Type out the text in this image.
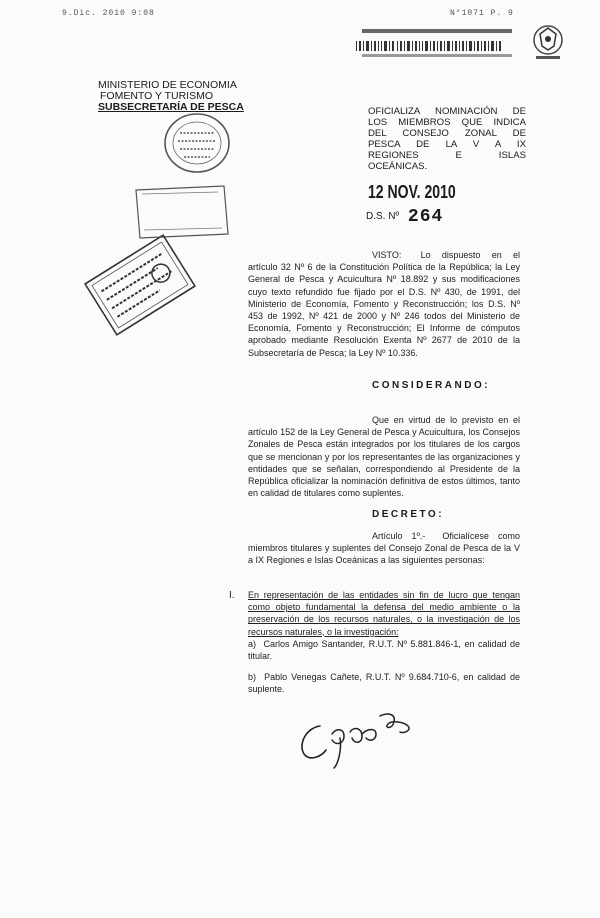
9.Dic. 2010 9:08	N°1071 P. 9
MINISTERIO DE ECONOMIA
FOMENTO Y TURISMO
SUBSECRETARÍA DE PESCA	OFICIALIZA NOMINACIÓN DE
LOS MIEMBROS QUE INDICA
DEL CONSEJO ZONAL DE
PESCA DE LA V A IX
REGIONES E ISLAS
OCEÁNICAS.
12 NOV. 2010
D.S. Nº 264
VISTO: Lo dispuesto en el
artículo 32 Nº 6 de la Constitución Política de la República; la Ley General de Pesca y Acuicultura Nº 18.892 y sus modificaciones cuyo texto refundido fue fijado por el D.S. Nº 430, de 1991, del Ministerio de Economía, Fomento y Reconstrucción; los D.S. Nº 453 de 1992, Nº 421 de 2000 y Nº 246 todos del Ministerio de Economía, Fomento y Reconstrucción; El Informe de cómputos aprobado mediante Resolución Exenta Nº 2677 de 2010 de la Subsecretaría de Pesca; la Ley Nº 10.336.
CONSIDERANDO:
Que en virtud de lo previsto en el
artículo 152 de la Ley General de Pesca y Acuicultura, los Consejos Zonales de Pesca están integrados por los titulares de los cargos que se mencionan y por los representantes de las organizaciones y entidades que se señalan, correspondiendo al Presidente de la República oficializar la nominación definitiva de estos últimos, tanto en calidad de titulares como suplentes.
DECRETO:
Artículo 1º.- Oficialícese como
miembros titulares y suplentes del Consejo Zonal de Pesca de la V a IX Regiones e Islas Oceánicas a las siguientes personas:
I. En representación de las entidades sin fin de lucro que tengan como objeto fundamental la defensa del medio ambiente o la preservación de los recursos naturales, o la investigación de los recursos naturales, o la investigación:
a) Carlos Amigo Santander, R.U.T. Nº 5.881.846-1, en calidad de titular.
b) Pablo Venegas Cañete, R.U.T. Nº 9.684.710-6, en calidad de suplente.
